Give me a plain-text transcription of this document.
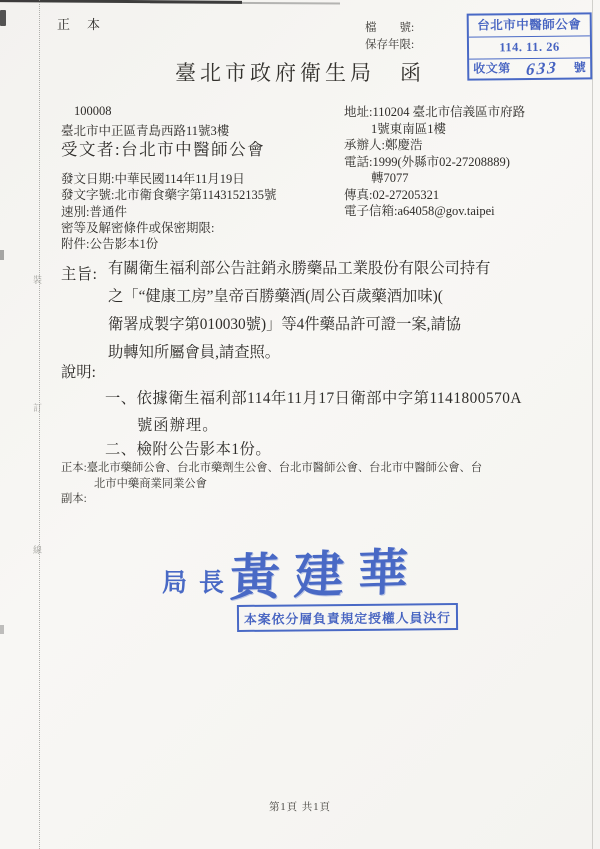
裝
訂
線
正　本	檔　　號:
保存年限:
臺北市政府衛生局　函
台北市中醫師公會
114. 11. 26
收文第 633 號
100008
臺北市中正區青島西路11號3樓
受文者:台北市中醫師公會
發文日期:中華民國114年11月19日
發文字號:北市衛食藥字第1143152135號
速別:普通件
密等及解密條件或保密期限:
附件:公告影本1份
地址:110204 臺北市信義區市府路
1號東南區1樓
承辦人:鄭慶浩
電話:1999(外縣市02-27208889)
轉7077
傳真:02-27205321
電子信箱:a64058@gov.taipei
主旨: 有關衛生福利部公告註銷永勝藥品工業股份有限公司持有
之「“健康工房”皇帝百勝藥酒(周公百歲藥酒加味)(
衛署成製字第010030號)」等4件藥品許可證一案,請協
助轉知所屬會員,請查照。
說明:
一、依據衛生福利部114年11月17日衛部中字第1141800570A
號函辦理。
二、檢附公告影本1份。
正本:臺北市藥師公會、台北市藥劑生公會、台北市醫師公會、台北市中醫師公會、台
北市中藥商業同業公會
副本:
局長
黃建華
本案依分層負責規定授權人員決行
第1頁 共1頁
